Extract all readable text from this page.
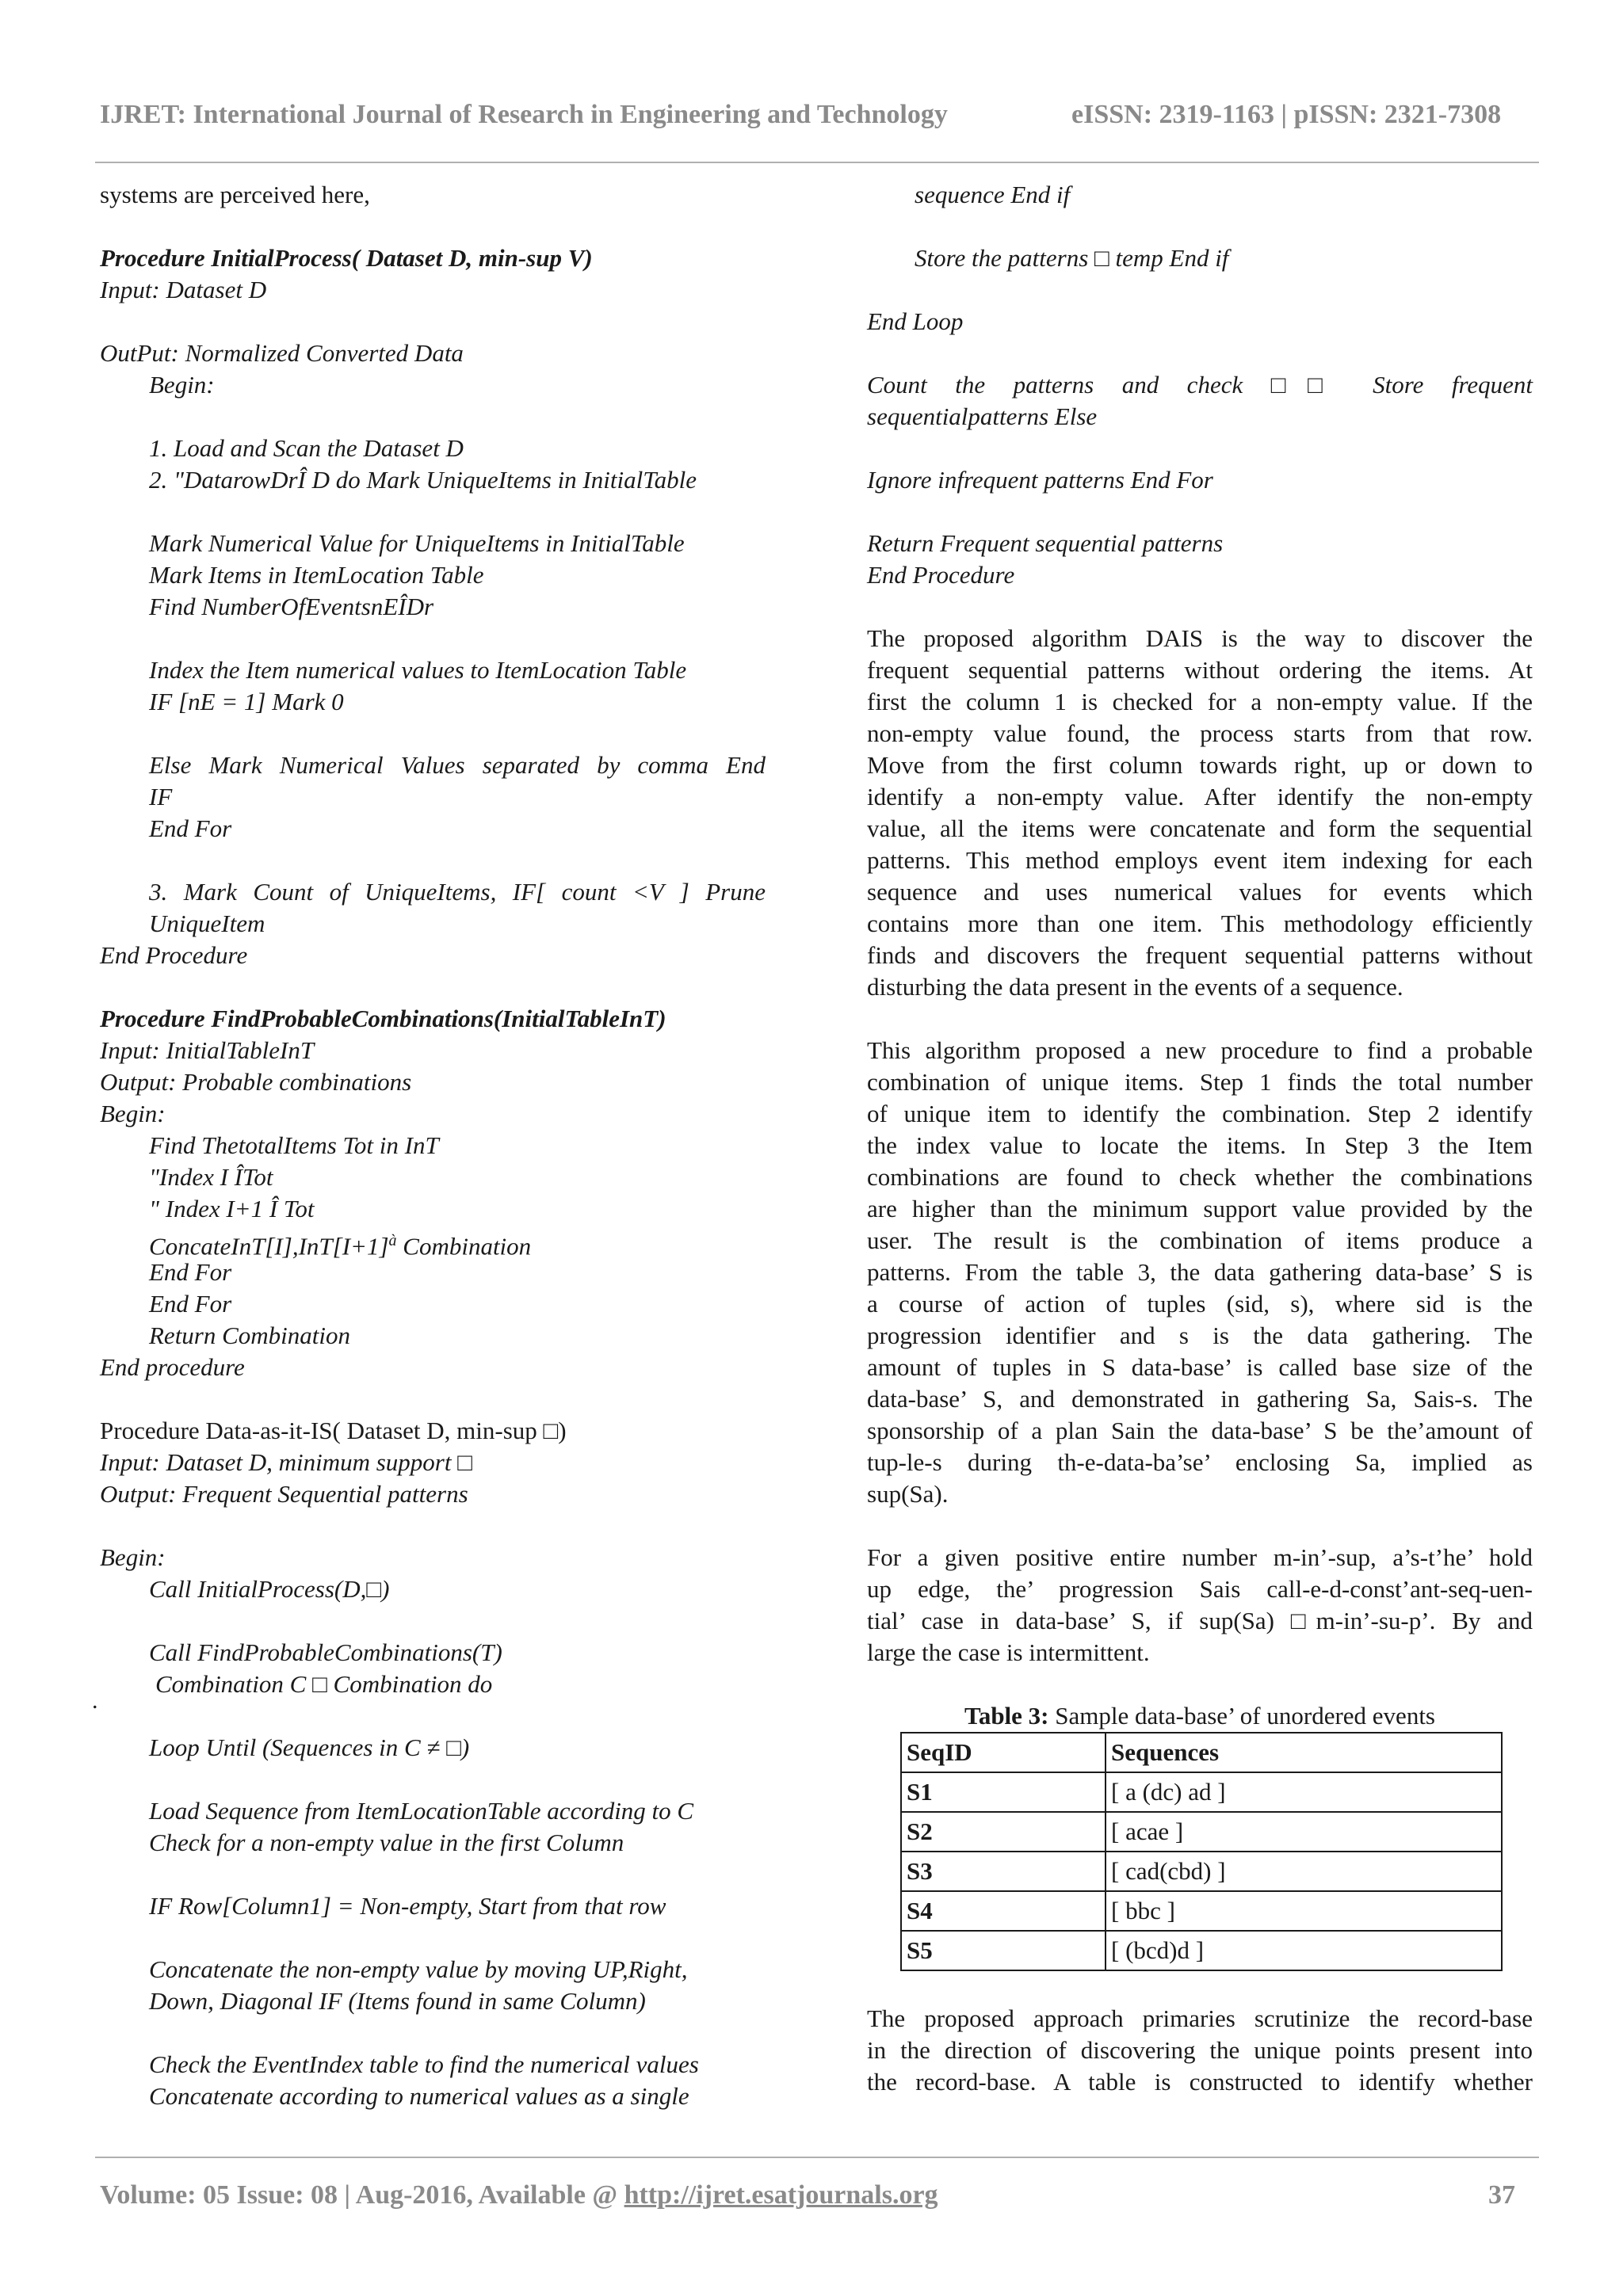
IJRET: International Journal of Research in Engineering and Technology	eISSN: 2319-1163 | pISSN: 2321-7308
systems are perceived here,
Procedure InitialProcess( Dataset D, min-sup V)
Input: Dataset D
OutPut: Normalized Converted Data
Begin:
1. Load and Scan the Dataset D
2. "DatarowDrÎ D do Mark UniqueItems in InitialTable
Mark Numerical Value for UniqueItems in InitialTable
Mark Items in ItemLocation Table
Find NumberOfEventsnEÎDr
Index the Item numerical values to ItemLocation Table
IF [nE = 1] Mark 0
Else Mark Numerical Values separated by comma End
IF
End For
3. Mark Count of UniqueItems, IF[ count <V ] Prune
UniqueItem
End Procedure
Procedure FindProbableCombinations(InitialTableInT)
Input: InitialTableInT
Output: Probable combinations
Begin:
Find ThetotalItems Tot in InT
"Index I ÎTot
" Index I+1 Î Tot
$ConcateInT[I],InT[I+1]^à$ Combination
End For
End For
Return Combination
End procedure
Procedure Data-as-it-IS( Dataset D, min-sup □)
Input: Dataset D, minimum support □
Output: Frequent Sequential patterns
Begin:
Call InitialProcess(D,□)
Call FindProbableCombinations(T)
Combination C □ Combination do
Loop Until (Sequences in C ≠ □)
Load Sequence from ItemLocationTable according to C
Check for a non-empty value in the first Column
IF Row[Column1] = Non-empty, Start from that row
Concatenate the non-empty value by moving UP,Right,
Down, Diagonal IF (Items found in same Column)
Check the EventIndex table to find the numerical values
Concatenate according to numerical values as a single
sequence End if
Store the patterns □ temp End if
End Loop
Count the patterns and check □□ Store frequent
sequentialpatterns Else
Ignore infrequent patterns End For
Return Frequent sequential patterns
End Procedure
The proposed algorithm DAIS is the way to discover the
frequent sequential patterns without ordering the items. At
first the column 1 is checked for a non-empty value. If the
non-empty value found, the process starts from that row.
Move from the first column towards right, up or down to
identify a non-empty value. After identify the non-empty
value, all the items were concatenate and form the sequential
patterns. This method employs event item indexing for each
sequence and uses numerical values for events which
contains more than one item. This methodology efficiently
finds and discovers the frequent sequential patterns without
disturbing the data present in the events of a sequence.
This algorithm proposed a new procedure to find a probable
combination of unique items. Step 1 finds the total number
of unique item to identify the combination. Step 2 identify
the index value to locate the items. In Step 3 the Item
combinations are found to check whether the combinations
are higher than the minimum support value provided by the
user. The result is the combination of items produce a
patterns. From the table 3, the data gathering data-base’ S is
a course of action of tuples (sid, s), where sid is the
progression identifier and s is the data gathering. The
amount of tuples in S data-base’ is called base size of the
data-base’ S, and demonstrated in gathering Sa, Sais-s. The
sponsorship of a plan Sain the data-base’ S be the’amount of
tup-le-s during th-e-data-ba’se’ enclosing Sa, implied as
sup(Sa).
For a given positive entire number m-in’-sup, a’s-t’he’ hold
up edge, the’ progression Sais call-e-d-const’ant-seq-uen-
tial’ case in data-base’ S, if sup(Sa) □m-in’-su-p’. By and
large the case is intermittent.
Table 3: Sample data-base’ of unordered events
SeqID	Sequences
S1	[ a (dc) ad ]
S2	[ acae ]
S3	[ cad(cbd) ]
S4	[ bbc ]
S5	[ (bcd)d ]
The proposed approach primaries scrutinize the record-base
in the direction of discovering the unique points present into
the record-base. A table is constructed to identify whether
.
Volume: 05 Issue: 08 | Aug-2016, Available @ http://ijret.esatjournals.org	37
